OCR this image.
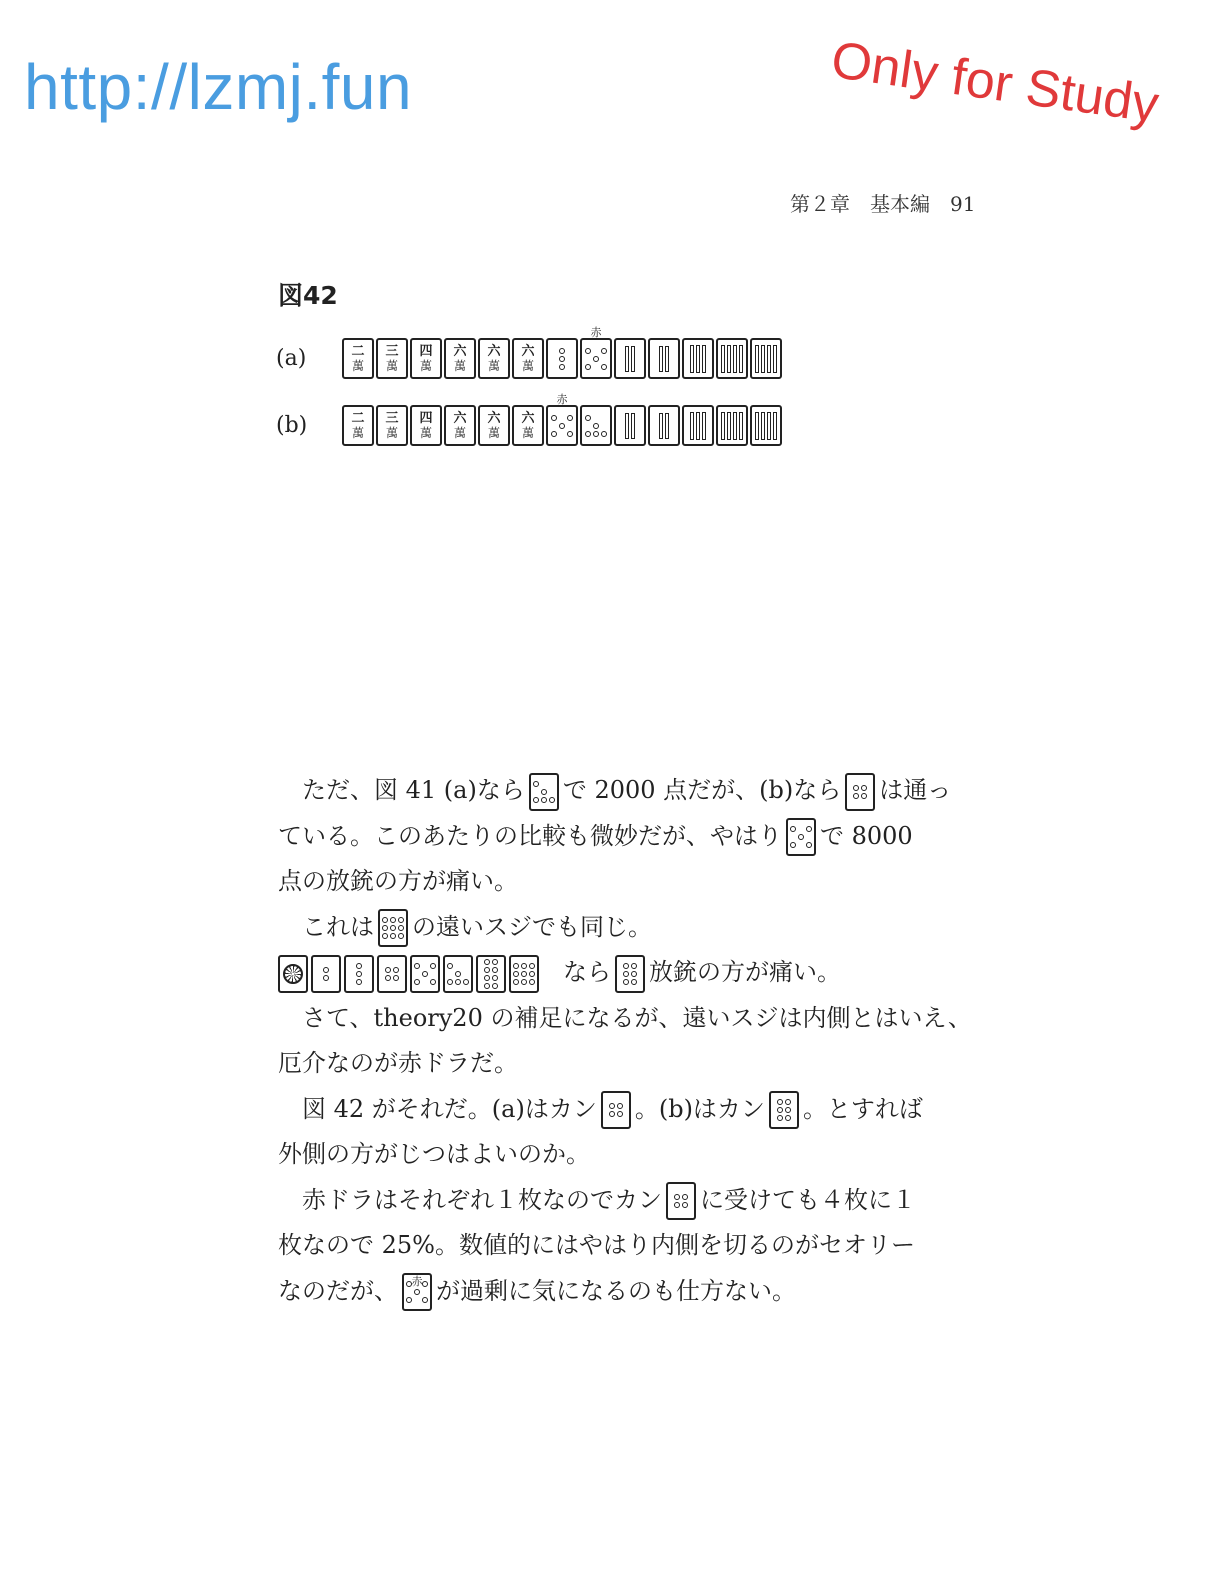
http://lzmj.fun	Only for Study
第２章　基本編　91
図42
(a)	二
萬
三
萬
四
萬
六
萬
六
萬
六
萬
赤
(b)	二
萬
三
萬
四
萬
六
萬
六
萬
六
萬
赤

　ただ、図 41 (a)なら で 2000 点だが、(b)なら は通っ
ている。このあたりの比較も微妙だが、やはり で 8000
点の放銃の方が痛い。

　これは の遠いスジでも同じ。

　なら 放銃の方が痛い。

　さて、theory20 の補足になるが、遠いスジは内側とはいえ、
厄介なのが赤ドラだ。

　図 42 がそれだ。(a)はカン 。(b)はカン 。とすれば
外側の方がじつはよいのか。

　赤ドラはそれぞれ１枚なのでカン に受けても４枚に１
枚なので 25%。数値的にはやはり内側を切るのがセオリー
なのだが、 赤 が過剰に気になるのも仕方ない。
